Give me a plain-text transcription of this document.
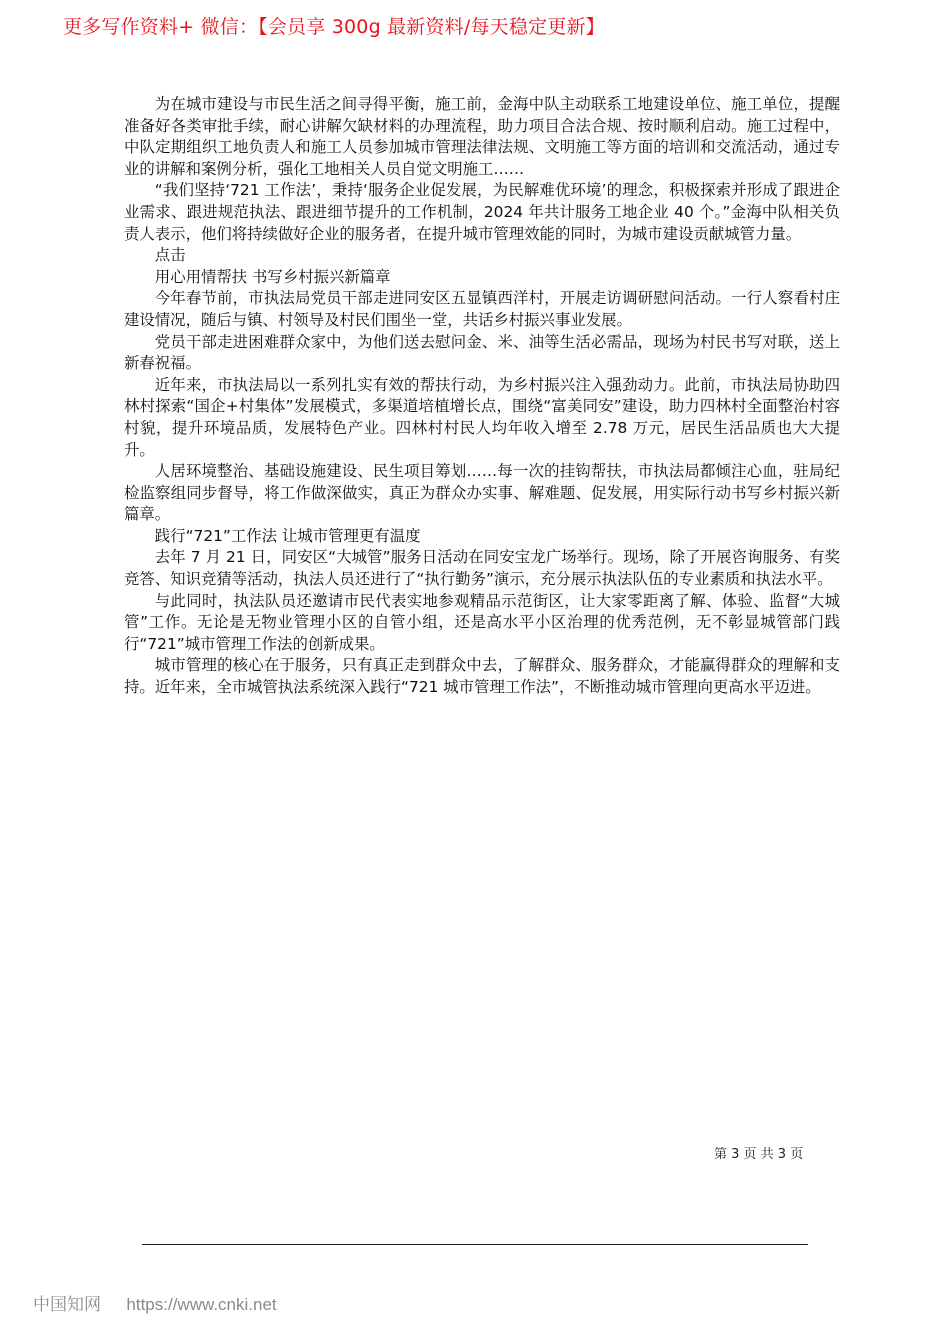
更多写作资料+ 微信：【会员享 300g 最新资料/每天稳定更新】

为在城市建设与市民生活之间寻得平衡，施工前，金海中队主动联系工地建设单位、施工单位，提醒准备好各类审批手续，耐心讲解欠缺材料的办理流程，助力项目合法合规、按时顺利启动。施工过程中，中队定期组织工地负责人和施工人员参加城市管理法律法规、文明施工等方面的培训和交流活动，通过专业的讲解和案例分析，强化工地相关人员自觉文明施工……

“我们坚持‘721 工作法’，秉持‘服务企业促发展，为民解难优环境’的理念，积极探索并形成了跟进企业需求、跟进规范执法、跟进细节提升的工作机制，2024 年共计服务工地企业 40 个。”金海中队相关负责人表示，他们将持续做好企业的服务者，在提升城市管理效能的同时，为城市建设贡献城管力量。

点击

用心用情帮扶 书写乡村振兴新篇章

今年春节前，市执法局党员干部走进同安区五显镇西洋村，开展走访调研慰问活动。一行人察看村庄建设情况，随后与镇、村领导及村民们围坐一堂，共话乡村振兴事业发展。

党员干部走进困难群众家中，为他们送去慰问金、米、油等生活必需品，现场为村民书写对联，送上新春祝福。

近年来，市执法局以一系列扎实有效的帮扶行动，为乡村振兴注入强劲动力。此前，市执法局协助四林村探索“国企+村集体”发展模式，多渠道培植增长点，围绕“富美同安”建设，助力四林村全面整治村容村貌，提升环境品质，发展特色产业。四林村村民人均年收入增至 2.78 万元，居民生活品质也大大提升。

人居环境整治、基础设施建设、民生项目筹划……每一次的挂钩帮扶，市执法局都倾注心血，驻局纪检监察组同步督导，将工作做深做实，真正为群众办实事、解难题、促发展，用实际行动书写乡村振兴新篇章。

践行“721”工作法 让城市管理更有温度

去年 7 月 21 日，同安区“大城管”服务日活动在同安宝龙广场举行。现场，除了开展咨询服务、有奖竞答、知识竞猜等活动，执法人员还进行了“执行勤务”演示，充分展示执法队伍的专业素质和执法水平。

与此同时，执法队员还邀请市民代表实地参观精品示范街区，让大家零距离了解、体验、监督“大城管”工作。无论是无物业管理小区的自管小组，还是高水平小区治理的优秀范例，无不彰显城管部门践行“721”城市管理工作法的创新成果。

城市管理的核心在于服务，只有真正走到群众中去，了解群众、服务群众，才能赢得群众的理解和支持。近年来，全市城管执法系统深入践行“721 城市管理工作法”，不断推动城市管理向更高水平迈进。

第 3 页 共 3 页
中国知网 https://www.cnki.net
